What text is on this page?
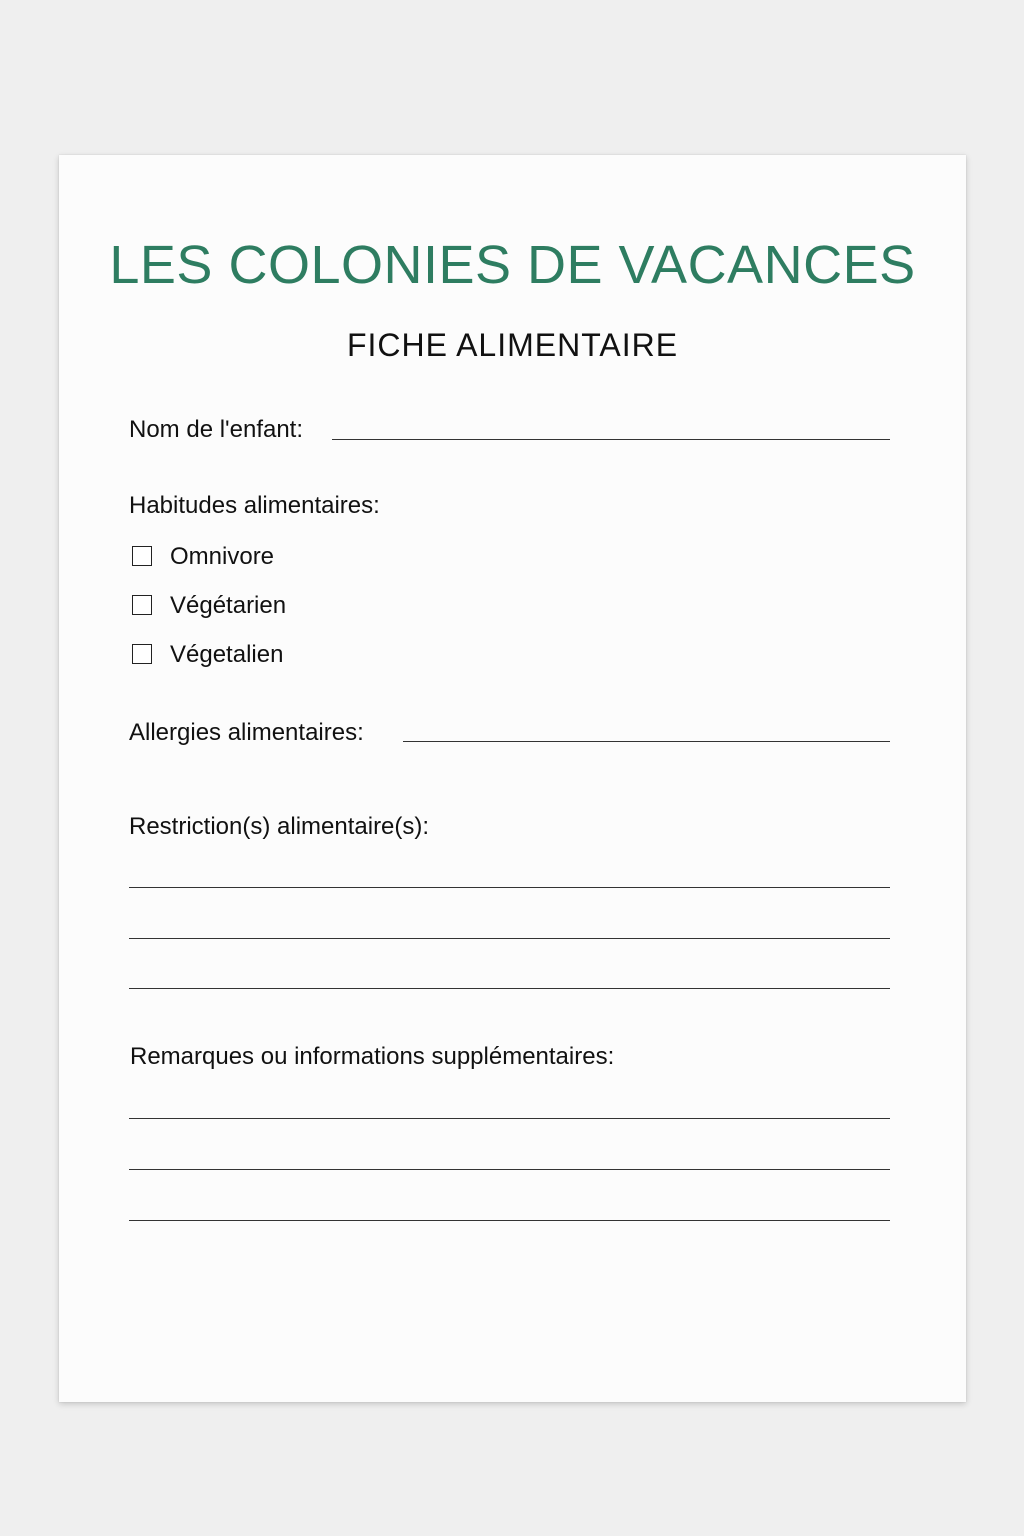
LES COLONIES DE VACANCES
FICHE ALIMENTAIRE
Nom de l'enfant:
Habitudes alimentaires:
Omnivore
Végétarien
Végetalien
Allergies alimentaires:
Restriction(s) alimentaire(s):
Remarques ou informations supplémentaires:
